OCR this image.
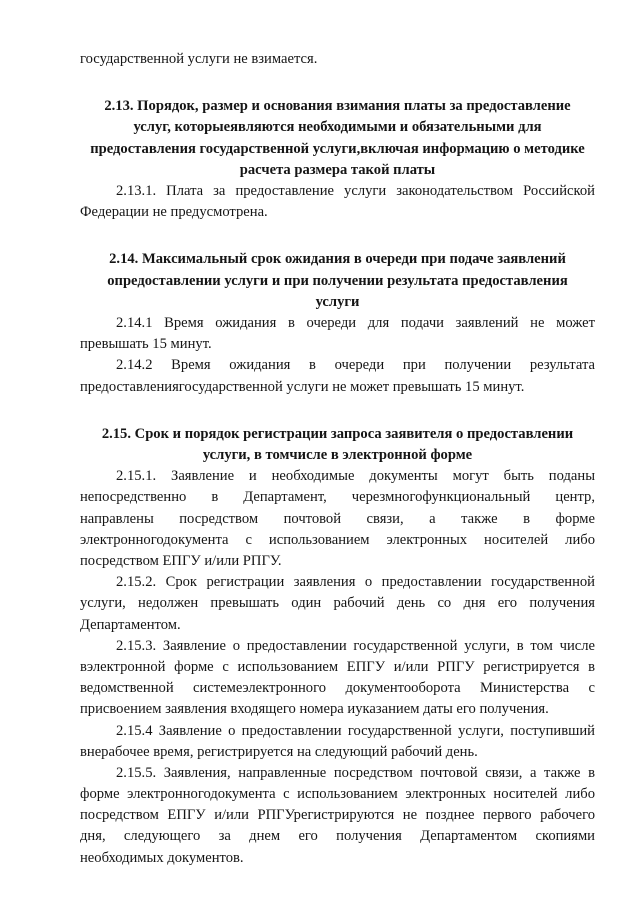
государственной услуги не взимается.
2.13. Порядок, размер и основания взимания платы за предоставление
услуг, которыеявляются необходимыми и обязательными для
предоставления государственной услуги,включая информацию о методике
расчета размера такой платы
2.13.1. Плата за предоставление услуги законодательством Российской
Федерации не предусмотрена.
2.14. Максимальный срок ожидания в очереди при подаче заявлений
опредоставлении услуги и при получении результата предоставления
услуги
2.14.1 Время ожидания в очереди для подачи заявлений не может
превышать 15 минут.
2.14.2 Время ожидания в очереди при получении результата
предоставлениягосударственной услуги не может превышать 15 минут.
2.15. Срок и порядок регистрации запроса заявителя о предоставлении
услуги, в томчисле в электронной форме
2.15.1. Заявление и необходимые документы могут быть поданы
непосредственно в Департамент, черезмногофункциональный центр,
направлены посредством почтовой связи, а также в форме
электронногодокумента с использованием электронных носителей либо
посредством ЕПГУ и/или РПГУ.
2.15.2. Срок регистрации заявления о предоставлении государственной
услуги, недолжен превышать один рабочий день со дня его получения
Департаментом.
2.15.3. Заявление о предоставлении государственной услуги, в том числе
вэлектронной форме с использованием ЕПГУ и/или РПГУ регистрируется в
ведомственной системеэлектронного документооборота Министерства с
присвоением заявления входящего номера иуказанием даты его получения.
2.15.4 Заявление о предоставлении государственной услуги, поступивший
внерабочее время, регистрируется на следующий рабочий день.
2.15.5. Заявления, направленные посредством почтовой связи, а также в
форме электронногодокумента с использованием электронных носителей либо
посредством ЕПГУ и/или РПГУрегистрируются не позднее первого рабочего
дня, следующего за днем его получения Департаментом скопиями
необходимых документов.
